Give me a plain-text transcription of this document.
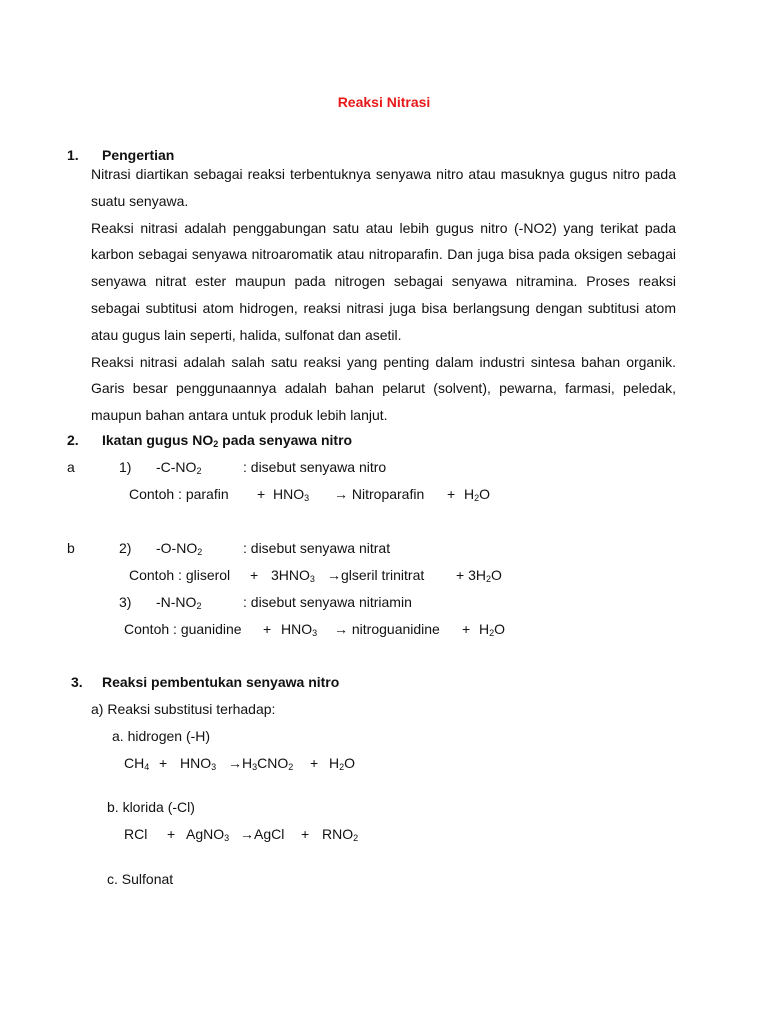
Reaksi Nitrasi
1. Pengertian

Nitrasi diartikan sebagai reaksi terbentuknya senyawa nitro atau masuknya gugus nitro pada suatu senyawa.

Reaksi nitrasi adalah penggabungan satu atau lebih gugus nitro (-NO2) yang terikat pada karbon sebagai senyawa nitroaromatik atau nitroparafin. Dan juga bisa pada oksigen sebagai senyawa nitrat ester maupun pada nitrogen sebagai senyawa nitramina. Proses reaksi sebagai subtitusi atom hidrogen, reaksi nitrasi juga bisa berlangsung dengan subtitusi atom atau gugus lain seperti, halida, sulfonat dan asetil.

Reaksi nitrasi adalah salah satu reaksi yang penting dalam industri sintesa bahan organik. Garis besar penggunaannya adalah bahan pelarut (solvent), pewarna, farmasi, peledak, maupun bahan antara untuk produk lebih lanjut.

2. Ikatan gugus $NO_2$ pada senyawa nitro
a	1) $-C-NO_2$	: disebut senyawa nitro
Contoh : parafin + $HNO_3$ → Nitroparafin + $H_2O$
b	2) $-O-NO_2$	: disebut senyawa nitrat
Contoh : gliserol + $3HNO_3$ →glseril trinitrat + $3H_2O$
3) $-N-NO_2$	: disebut senyawa nitriamin
Contoh : guanidine + $HNO_3$ → nitroguanidine + $H_2O$
3. Reaksi pembentukan senyawa nitro
a) Reaksi substitusi terhadap:
a. hidrogen (-H)
$CH_4 + HNO_3 \to H_3CNO_2 + H_2O$
b. klorida (-Cl)
RCl + AgNO$_3$ →AgCl + $RNO_2$
c. Sulfonat
